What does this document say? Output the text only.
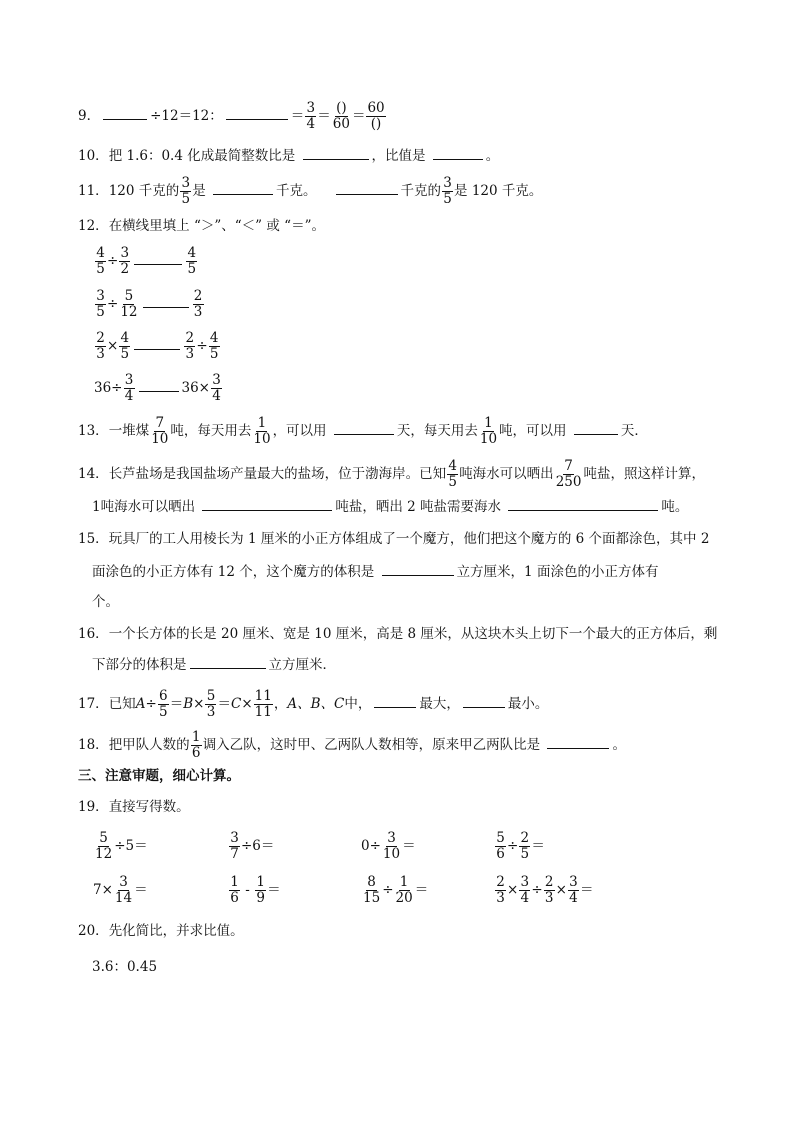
9．	÷12＝12：	＝ $\frac{3}{4} = \frac{()}{60} = \frac{60}{()}$
10．把 1.6：0.4 化成最简整数比是	，比值是	。
11．120 千克的 $\frac{3}{5}$ 是	千克。	千克的 $\frac{3}{5}$ 是 120 千克。
12．在横线里填上 “＞”、“＜” 或 “＝”。
$\frac{4}{5} \div \frac{3}{2}$	$\frac{4}{5}$
$\frac{3}{5} \div \frac{5}{12}$	$\frac{2}{3}$
$\frac{2}{3} \times \frac{4}{5}$	$\frac{2}{3} \div \frac{4}{5}$
$36\div \frac{3}{4}$	$36\times \frac{3}{4}$
13．一堆煤 $\frac{7}{10}$ 吨，每天用去 $\frac{1}{10}$ ，可以用	天，每天用去 $\frac{1}{10}$ 吨，可以用	天．
14．长芦盐场是我国盐场产量最大的盐场，位于渤海岸。已知 $\frac{4}{5}$ 吨海水可以晒出 $\frac{7}{250}$ 吨盐，照这样计算，
1吨海水可以晒出	吨盐，晒出 2 吨盐需要海水	吨。
15．玩具厂的工人用棱长为 1 厘米的小正方体组成了一个魔方，他们把这个魔方的 6 个面都涂色，其中 2
面涂色的小正方体有 12 个，这个魔方的体积是	立方厘米，1 面涂色的小正方体有
个。
16．一个长方体的长是 20 厘米、宽是 10 厘米，高是 8 厘米，从这块木头上切下一个最大的正方体后，剩
下部分的体积是	立方厘米．
17．已知$A\div \frac{6}{5} =B\times \frac{5}{3} =C\times \frac{11}{11}$ ，A、B、C中，	最大，	最小。
18．把甲队人数的 $\frac{1}{6}$ 调入乙队，这时甲、乙两队人数相等，原来甲乙两队比是	。
三、注意审题，细心计算。
19．直接写得数。
$\frac{5}{12} \div 5=$	$\frac{3}{7} \div 6=$	$0\div \frac{3}{10}$ ＝	$\frac{5}{6} \div \frac{2}{5}$ ＝
$7\times \frac{3}{14}$ ＝	$\frac{1}{6} - \frac{1}{9}$ ＝	$\frac{8}{15} \div \frac{1}{20}$ ＝	$\frac{2}{3} \times \frac{3}{4} \div \frac{2}{3} \times \frac{3}{4}$ ＝
20．先化简比，并求比值。
3.6：0.45
